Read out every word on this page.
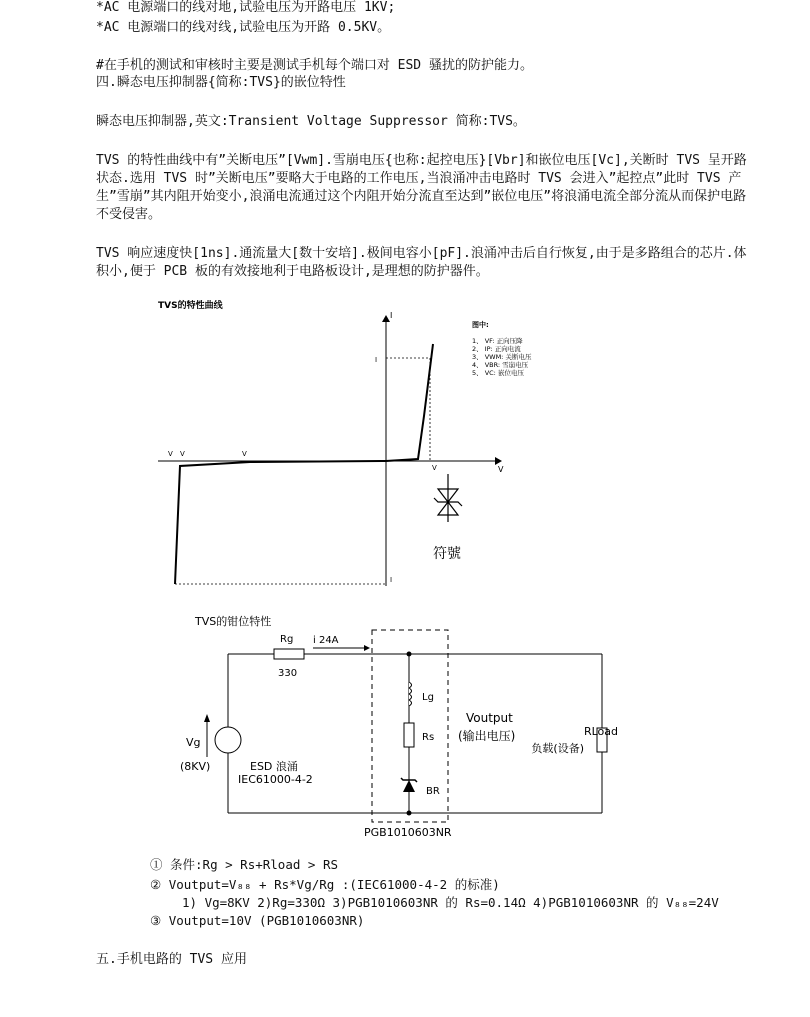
*AC 电源端口的线对地,试验电压为开路电压 1KV;
*AC 电源端口的线对线,试验电压为开路 0.5KV。
#在手机的测试和审核时主要是测试手机每个端口对 ESD 骚扰的防护能力。
四.瞬态电压抑制器{简称:TVS}的嵌位特性
瞬态电压抑制器,英文:Transient Voltage Suppressor 简称:TVS。
TVS 的特性曲线中有”关断电压”[Vwm].雪崩电压{也称:起控电压}[Vbr]和嵌位电压[Vc],关断时 TVS 呈开路状态.选用 TVS 时”关断电压”要略大于电路的工作电压,当浪涌冲击电路时 TVS 会进入”起控点”此时 TVS 产生”雪崩”其内阻开始变小,浪涌电流通过这个内阻开始分流直至达到”嵌位电压”将浪涌电流全部分流从而保护电路不受侵害。
TVS 响应速度快[1ns].通流量大[数十安培].极间电容小[pF].浪涌冲击后自行恢复,由于是多路组合的芯片.体积小,便于 PCB 板的有效接地利于电路板设计,是理想的防护器件。
TVS的特性曲线
I
V
I
V
I
V V	V
符號
图中:
1、 VF: 正向压降
2、 IP: 正向电流
3、 VWM: 关断电压
4、 VBR: 雪崩电压
5、 VC: 嵌位电压
TVS的钳位特性
Vg
(8KV)	ESD 浪涌
IEC61000-4-2
Rg
330
i 24A
Lg
Rs
BR
Voutput
(输出电压)	RLoad
负载(设备)
PGB1010603NR
① 条件:Rg > Rs+Rload > RS
② Voutput=V₈₈ + Rs*Vg/Rg :(IEC61000-4-2 的标准)
1) Vg=8KV 2)Rg=330Ω 3)PGB1010603NR 的 Rs=0.14Ω 4)PGB1010603NR 的 V₈₈=24V
③ Voutput=10V (PGB1010603NR)
五.手机电路的 TVS 应用
